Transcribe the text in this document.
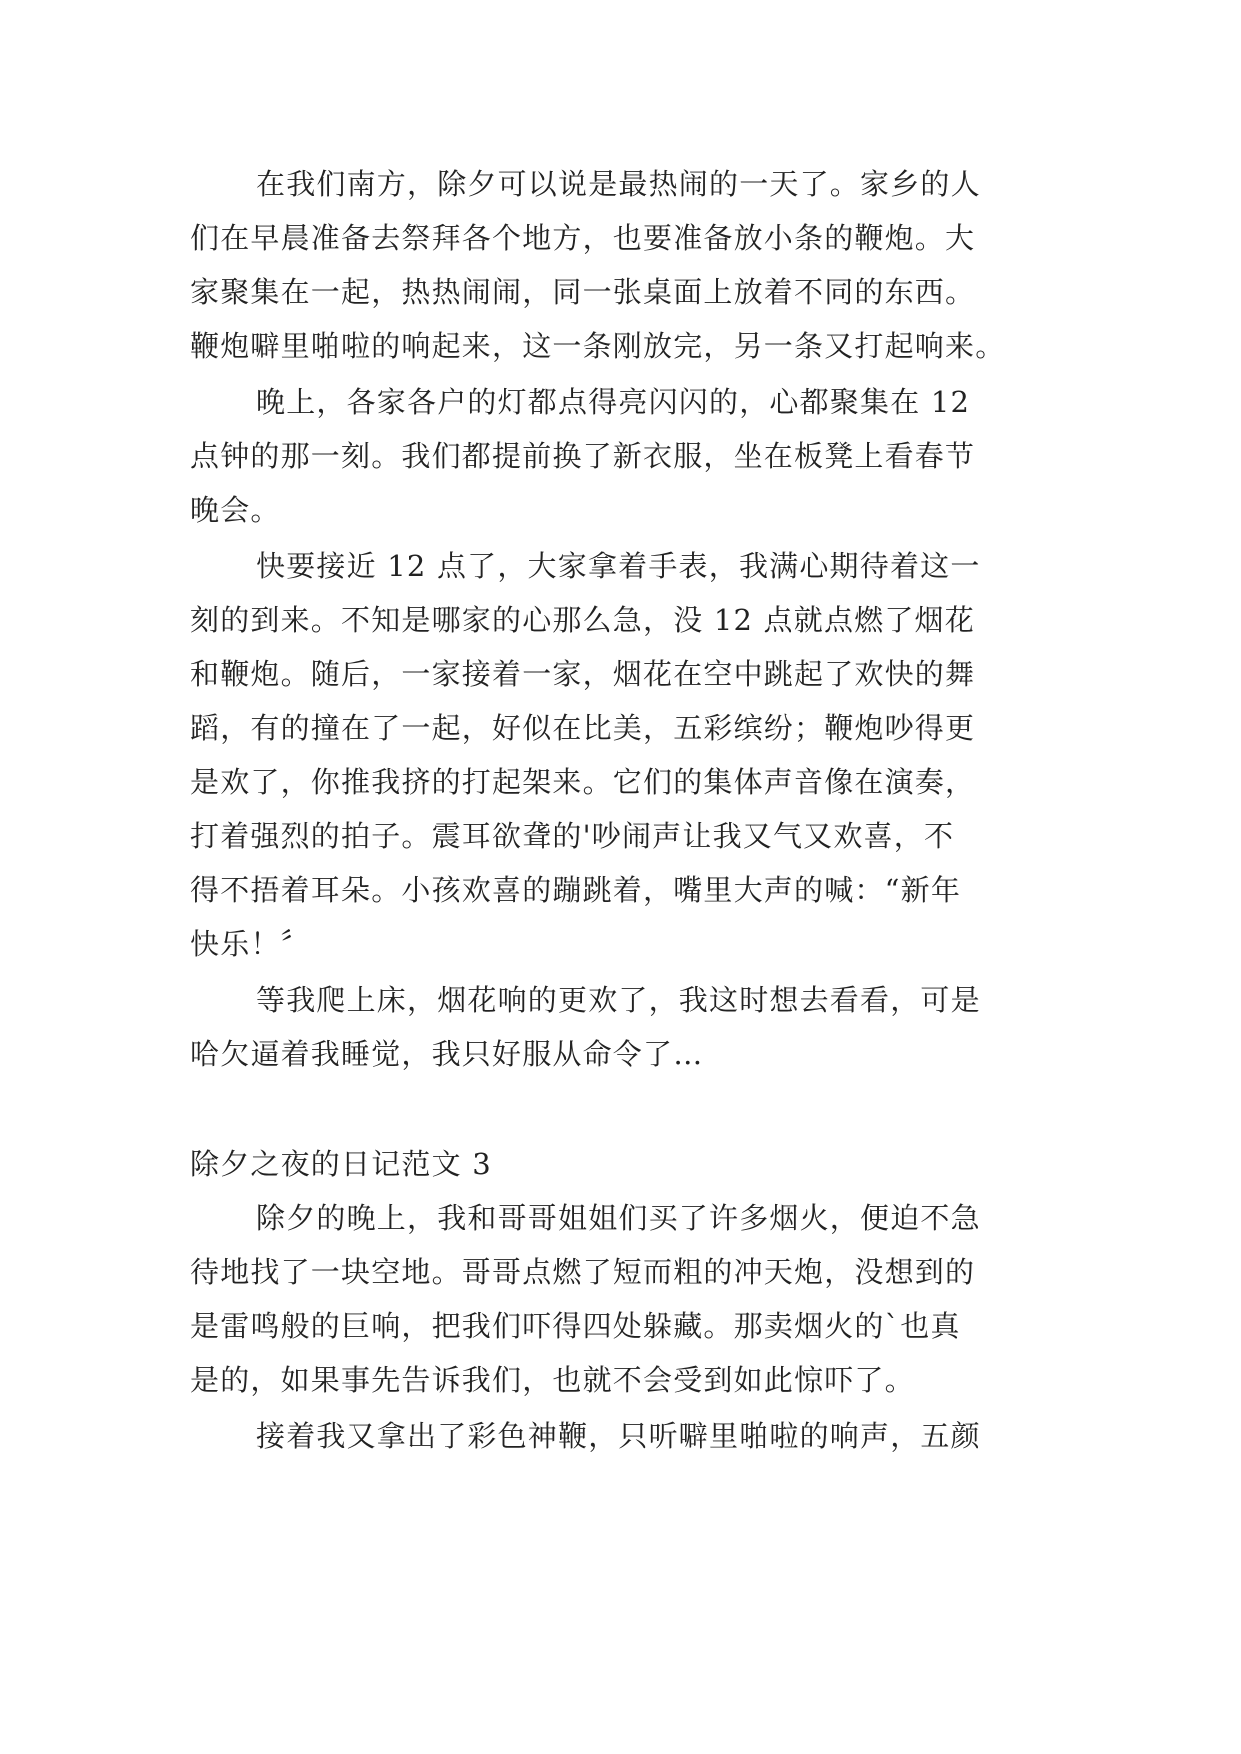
在我们南方，除夕可以说是最热闹的一天了。家乡的人
们在早晨准备去祭拜各个地方，也要准备放小条的鞭炮。大
家聚集在一起，热热闹闹，同一张桌面上放着不同的东西。
鞭炮噼里啪啦的响起来，这一条刚放完，另一条又打起响来。
晚上，各家各户的灯都点得亮闪闪的，心都聚集在 12
点钟的那一刻。我们都提前换了新衣服，坐在板凳上看春节
晚会。
快要接近 12 点了，大家拿着手表，我满心期待着这一
刻的到来。不知是哪家的心那么急，没 12 点就点燃了烟花
和鞭炮。随后，一家接着一家，烟花在空中跳起了欢快的舞
蹈，有的撞在了一起，好似在比美，五彩缤纷；鞭炮吵得更
是欢了，你推我挤的打起架来。它们的集体声音像在演奏，
打着强烈的拍子。震耳欲聋的'吵闹声让我又气又欢喜，不
得不捂着耳朵。小孩欢喜的蹦跳着，嘴里大声的喊：“新年
快乐！〞
等我爬上床，烟花响的更欢了，我这时想去看看，可是
哈欠逼着我睡觉，我只好服从命令了…
除夕之夜的日记范文 3
除夕的晚上，我和哥哥姐姐们买了许多烟火，便迫不急
待地找了一块空地。哥哥点燃了短而粗的冲天炮，没想到的
是雷鸣般的巨响，把我们吓得四处躲藏。那卖烟火的`也真
是的，如果事先告诉我们，也就不会受到如此惊吓了。
接着我又拿出了彩色神鞭，只听噼里啪啦的响声，五颜
